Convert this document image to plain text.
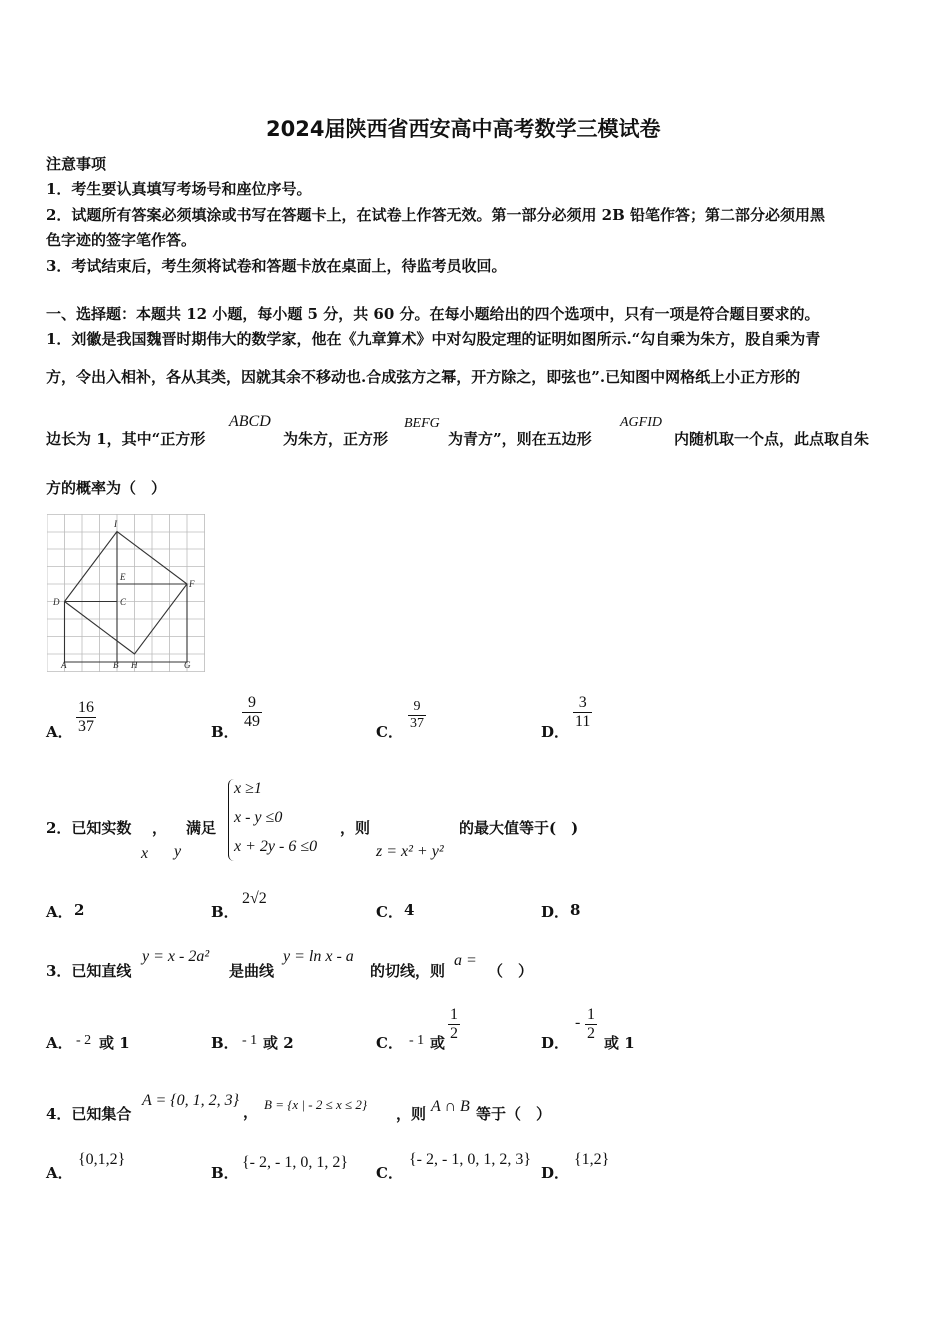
2024届陕西省西安高中高考数学三模试卷
注意事项
1．考生要认真填写考场号和座位序号。
2．试题所有答案必须填涂或书写在答题卡上，在试卷上作答无效。第一部分必须用 2B 铅笔作答；第二部分必须用黑
色字迹的签字笔作答。
3．考试结束后，考生须将试卷和答题卡放在桌面上，待监考员收回。
一、选择题：本题共 12 小题，每小题 5 分，共 60 分。在每小题给出的四个选项中，只有一项是符合题目要求的。
1．刘徽是我国魏晋时期伟大的数学家，他在《九章算术》中对勾股定理的证明如图所示.“勾自乘为朱方，股自乘为青
方，令出入相补，各从其类，因就其余不移动也.合成弦方之幂，开方除之，即弦也”.已知图中网格纸上小正方形的
边长为 1，其中“正方形
ABCD
为朱方，正方形
BEFG
为青方”，则在五边形
AGFID
内随机取一个点，此点取自朱
方的概率为（　）
I
E
F
D	C
A	B H	G
A． $\frac{16}{37}$	B．
$\frac{9}{49}$
C． $\frac{9}{37}$	D．
$\frac{3}{11}$
2．已知实数 ， 满足
x y
x ≥1
x - y ≤0
x + 2y - 6 ≤0
，则
z = x² + y²
的最大值等于(　)
A． 2	B．
2√2
C． 4	D． 8
3．已知直线
y = x - 2a²
是曲线
y = ln x - a
的切线，则
a =
（　）
A． - 2 或 1	B． - 1 或 2	C． - 1 或 $\frac{1}{2}$	D．
- $\frac{1}{2}$ 或 1
4．已知集合
A = {0, 1, 2, 3}
， B = {x | - 2 ≤ x ≤ 2}
，则 A ∩ B 等于（　）
A．
{0,1,2}
B．
{- 2, - 1, 0, 1, 2}
C．
{- 2, - 1, 0, 1, 2, 3}
D．
{1,2}
